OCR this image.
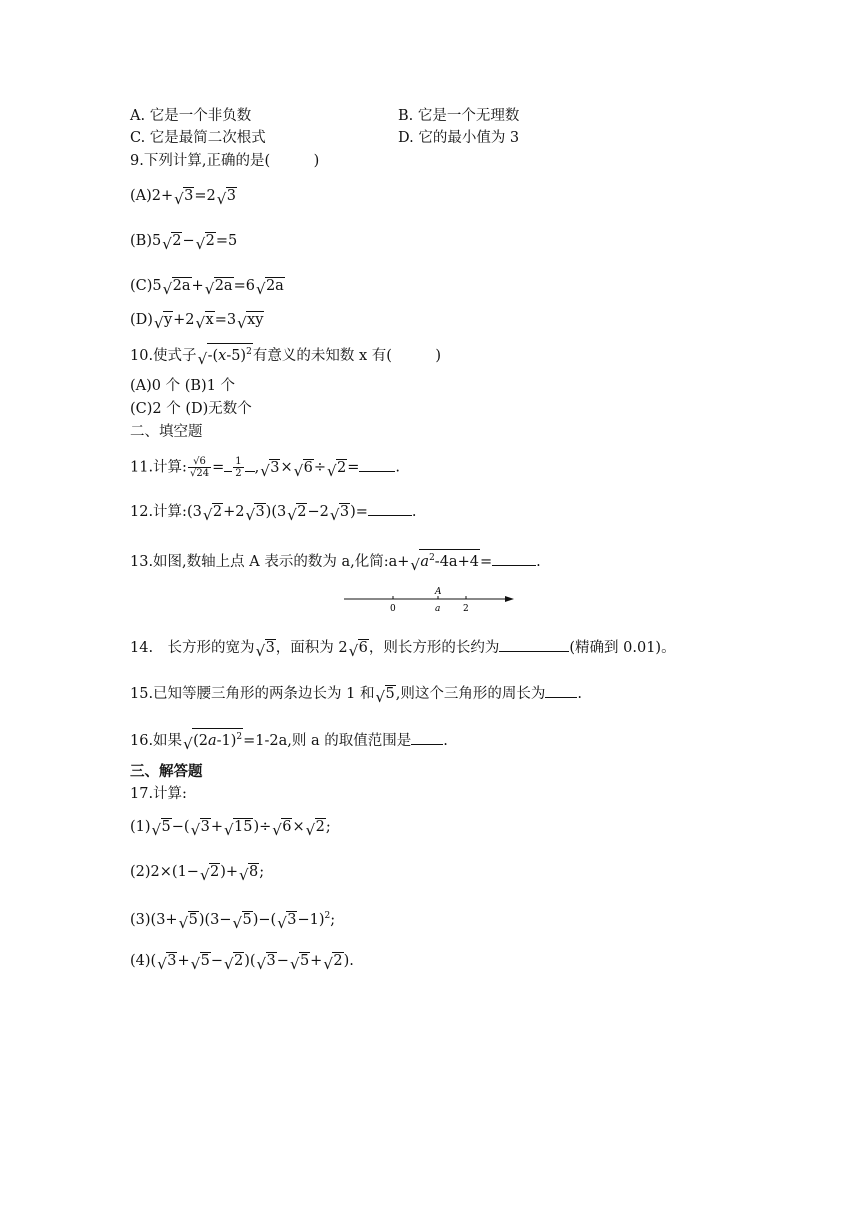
A. 它是一个非负数	B. 它是一个无理数
C. 它是最简二次根式	D. 它的最小值为 3
9.下列计算,正确的是(　　　)
(A)2+ √ 3=2 √ 3
(B)5 √ 2− √ 2=5
(C)5 √ 2a+ √ 2a=6 √ 2a
(D) √ y+2 √ x=3 √ xy
10.使式子 √ $-(x-5)^2$有意义的未知数 x 有(　　　)
(A)0 个 (B)1 个
(C)2 个 (D)无数个
二、填空题
11.计算: $\frac{√6}{√24} = \frac{1}{2}$ , √ 3× √ 6÷ √ 2= .
12.计算:(3 √ 2+2 √ 3)(3 √ 2−2 √ 3)=	.
13.如图,数轴上点 A 表示的数为 a,化简:a+ √ $a^2-4a+4=$	.
A
0	a	2
14.　长方形的宽为 √ 3，面积为 2 √ 6，则长方形的长约为	(精确到 0.01)。
15.已知等腰三角形的两条边长为 1 和 √ 5,则这个三角形的周长为 .
16.如果 √ $(2a-1)^2=1-2a$,则 a 的取值范围是 .
三、解答题
17.计算:
(1) √ 5−( √ 3+ √ 15)÷ √ 6× √ 2;
(2)2×(1− √ 2)+ √ 8;
(3)(3+ √ 5)(3− √ 5)−( √ 3−1)$^2$;
(4)( √ 3+ √ 5− √ 2)( √ 3− √ 5+ √ 2).
